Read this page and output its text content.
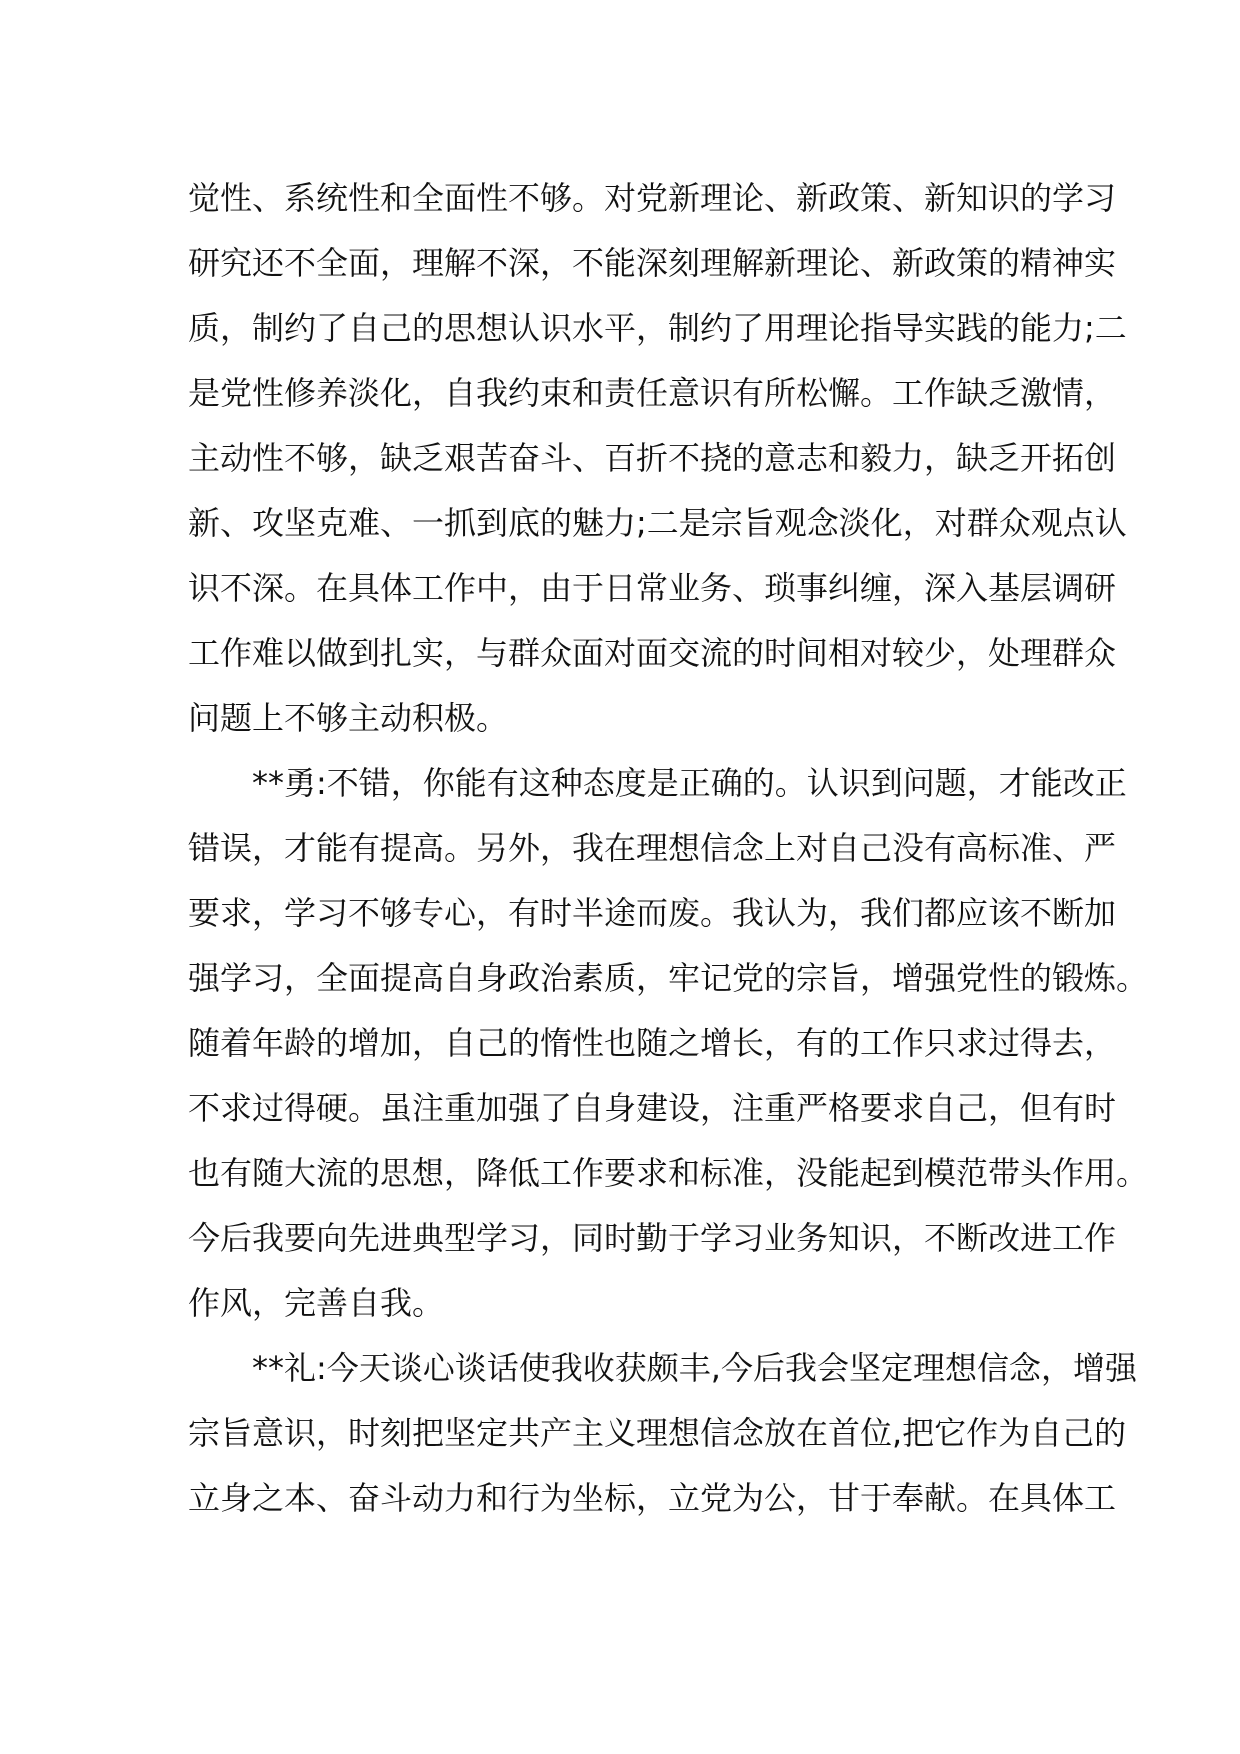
觉性、系统性和全面性不够。对党新理论、新政策、新知识的学习
研究还不全面，理解不深，不能深刻理解新理论、新政策的精神实
质，制约了自己的思想认识水平，制约了用理论指导实践的能力;二
是党性修养淡化，自我约束和责任意识有所松懈。工作缺乏激情，
主动性不够，缺乏艰苦奋斗、百折不挠的意志和毅力，缺乏开拓创
新、攻坚克难、一抓到底的魅力;二是宗旨观念淡化，对群众观点认
识不深。在具体工作中，由于日常业务、琐事纠缠，深入基层调研
工作难以做到扎实，与群众面对面交流的时间相对较少，处理群众
问题上不够主动积极。
　　**勇:不错，你能有这种态度是正确的。认识到问题，才能改正
错误，才能有提高。另外，我在理想信念上对自己没有高标准、严
要求，学习不够专心，有时半途而废。我认为，我们都应该不断加
强学习，全面提高自身政治素质，牢记党的宗旨，增强党性的锻炼。
随着年龄的增加，自己的惰性也随之增长，有的工作只求过得去，
不求过得硬。虽注重加强了自身建设，注重严格要求自己，但有时
也有随大流的思想，降低工作要求和标准，没能起到模范带头作用。
今后我要向先进典型学习，同时勤于学习业务知识，不断改进工作
作风，完善自我。
　　**礼:今天谈心谈话使我收获颇丰,今后我会坚定理想信念，增强
宗旨意识，时刻把坚定共产主义理想信念放在首位,把它作为自己的
立身之本、奋斗动力和行为坐标，立党为公，甘于奉献。在具体工
